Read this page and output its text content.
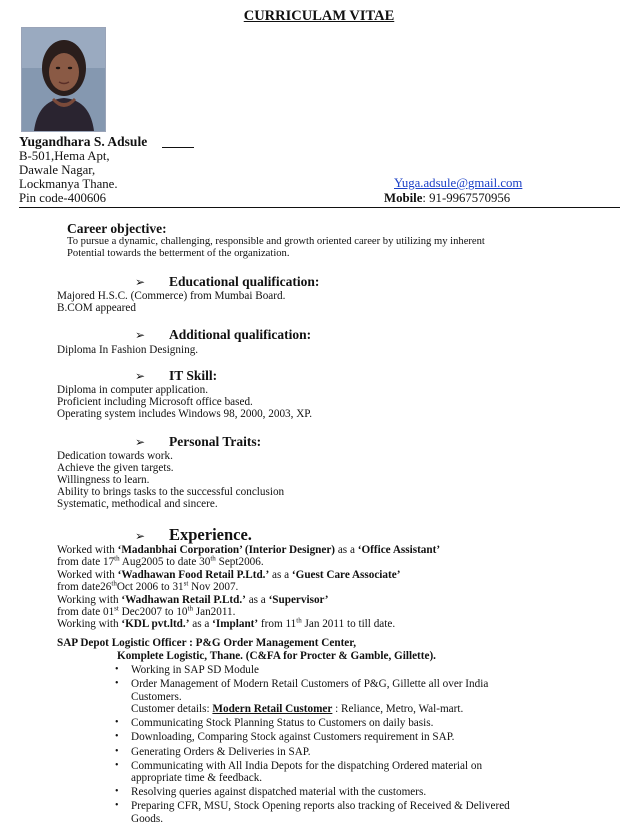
CURRICULAM VITAE
Yugandhara S. Adsule
B-501,Hema Apt,
Dawale Nagar,
Lockmanya Thane.
Pin code-400606
Yuga.adsule@gmail.com
Mobile: 91-9967570956
Career objective:
To pursue a dynamic, challenging, responsible and growth oriented career by utilizing my inherent
Potential towards the betterment of the organization.
➢ Educational qualification:
Majored H.S.C. (Commerce) from Mumbai Board.
B.COM appeared
➢ Additional qualification:
Diploma In Fashion Designing.
➢ IT Skill:
Diploma in computer application.
Proficient including Microsoft office based.
Operating system includes Windows 98, 2000, 2003, XP.
➢ Personal Traits:
Dedication towards work.
Achieve the given targets.
Willingness to learn.
Ability to brings tasks to the successful conclusion
Systematic, methodical and sincere.
➢ Experience.
Worked with ‘Madanbhai Corporation’ (Interior Designer) as a ‘Office Assistant’
from date 17th Aug2005 to date 30th Sept2006.
Worked with ‘Wadhawan Food Retail P.Ltd.’ as a ‘Guest Care Associate’
from date26thOct 2006 to 31st Nov 2007.
Working with ‘Wadhawan Retail P.Ltd.’ as a ‘Supervisor’
from date 01st Dec2007 to 10th Jan2011.
Working with ‘KDL pvt.ltd.’ as a ‘Implant’ from 11th Jan 2011 to till date.
SAP Depot Logistic Officer : P&G Order Management Center,
Komplete Logistic, Thane. (C&FA for Procter & Gamble, Gillette).
• Working in SAP SD Module
• Order Management of Modern Retail Customers of P&G, Gillette all over India Customers.
Customer details: Modern Retail Customer : Reliance, Metro, Wal-mart.
• Communicating Stock Planning Status to Customers on daily basis.
• Downloading, Comparing Stock against Customers requirement in SAP.
• Generating Orders & Deliveries in SAP.
• Communicating with All India Depots for the dispatching Ordered material on appropriate time & feedback.
• Resolving queries against dispatched material with the customers.
• Preparing CFR, MSU, Stock Opening reports also tracking of Received & Delivered Goods.
